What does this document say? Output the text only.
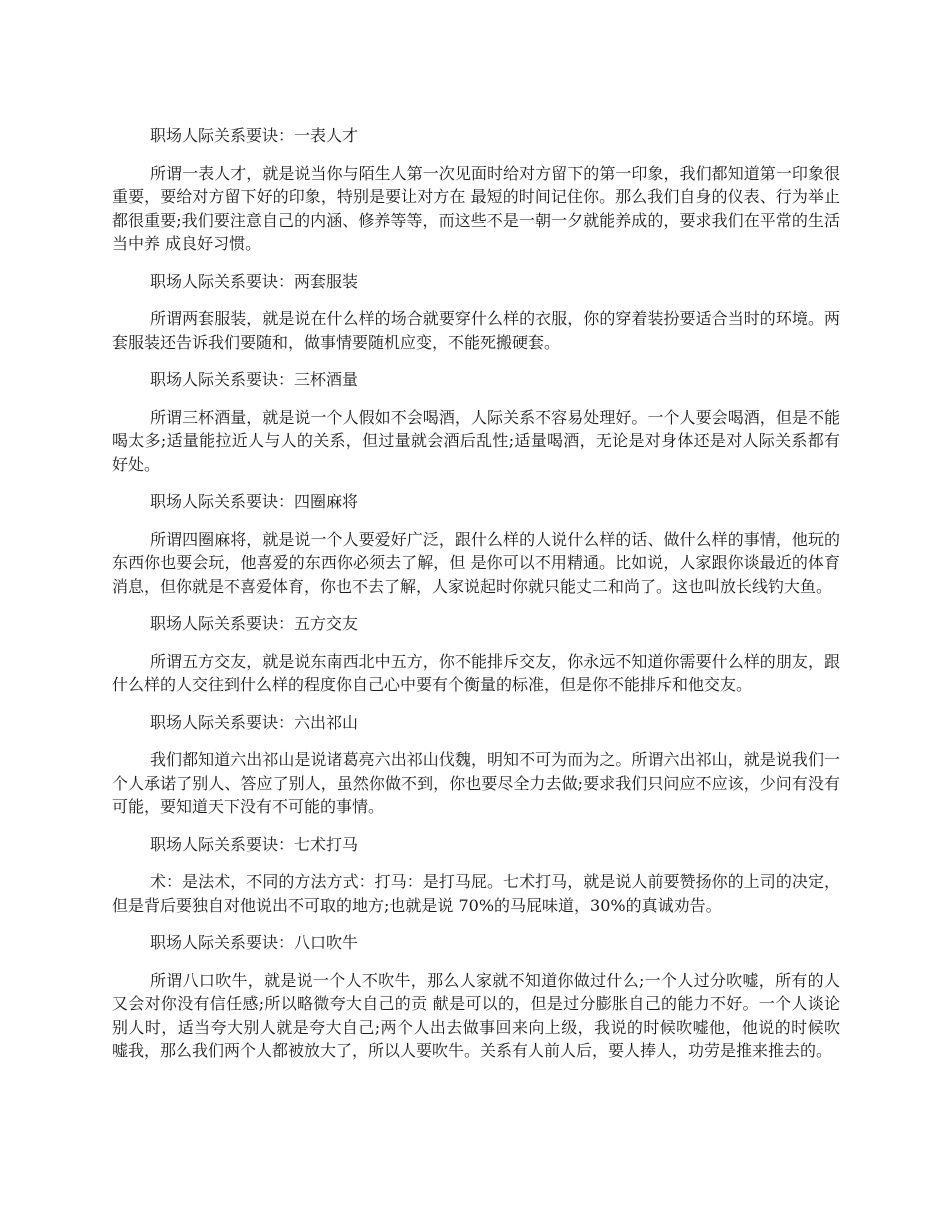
职场人际关系要诀：一表人才

所谓一表人才，就是说当你与陌生人第一次见面时给对方留下的第一印象，我们都知道第一印象很重要，要给对方留下好的印象，特别是要让对方在 最短的时间记住你。那么我们自身的仪表、行为举止都很重要;我们要注意自己的内涵、修养等等，而这些不是一朝一夕就能养成的，要求我们在平常的生活当中养 成良好习惯。

职场人际关系要诀：两套服装

所谓两套服装，就是说在什么样的场合就要穿什么样的衣服，你的穿着装扮要适合当时的环境。两套服装还告诉我们要随和，做事情要随机应变，不能死搬硬套。

职场人际关系要诀：三杯酒量

所谓三杯酒量，就是说一个人假如不会喝酒，人际关系不容易处理好。一个人要会喝酒，但是不能喝太多;适量能拉近人与人的关系，但过量就会酒后乱性;适量喝酒，无论是对身体还是对人际关系都有好处。

职场人际关系要诀：四圈麻将

所谓四圈麻将，就是说一个人要爱好广泛，跟什么样的人说什么样的话、做什么样的事情，他玩的东西你也要会玩，他喜爱的东西你必须去了解，但 是你可以不用精通。比如说，人家跟你谈最近的体育消息，但你就是不喜爱体育，你也不去了解，人家说起时你就只能丈二和尚了。这也叫放长线钓大鱼。

职场人际关系要诀：五方交友

所谓五方交友，就是说东南西北中五方，你不能排斥交友，你永远不知道你需要什么样的朋友，跟什么样的人交往到什么样的程度你自己心中要有个衡量的标准，但是你不能排斥和他交友。

职场人际关系要诀：六出祁山

我们都知道六出祁山是说诸葛亮六出祁山伐魏，明知不可为而为之。所谓六出祁山，就是说我们一个人承诺了别人、答应了别人，虽然你做不到，你也要尽全力去做;要求我们只问应不应该，少问有没有可能，要知道天下没有不可能的事情。

职场人际关系要诀：七术打马

术：是法术，不同的方法方式：打马：是打马屁。七术打马，就是说人前要赞扬你的上司的决定，但是背后要独自对他说出不可取的地方;也就是说 70%的马屁味道，30%的真诚劝告。

职场人际关系要诀：八口吹牛

所谓八口吹牛，就是说一个人不吹牛，那么人家就不知道你做过什么;一个人过分吹嘘，所有的人又会对你没有信任感;所以略微夸大自己的贡 献是可以的，但是过分膨胀自己的能力不好。一个人谈论别人时，适当夸大别人就是夸大自己;两个人出去做事回来向上级，我说的时候吹嘘他，他说的时候吹 嘘我，那么我们两个人都被放大了，所以人要吹牛。关系有人前人后，要人捧人，功劳是推来推去的。
